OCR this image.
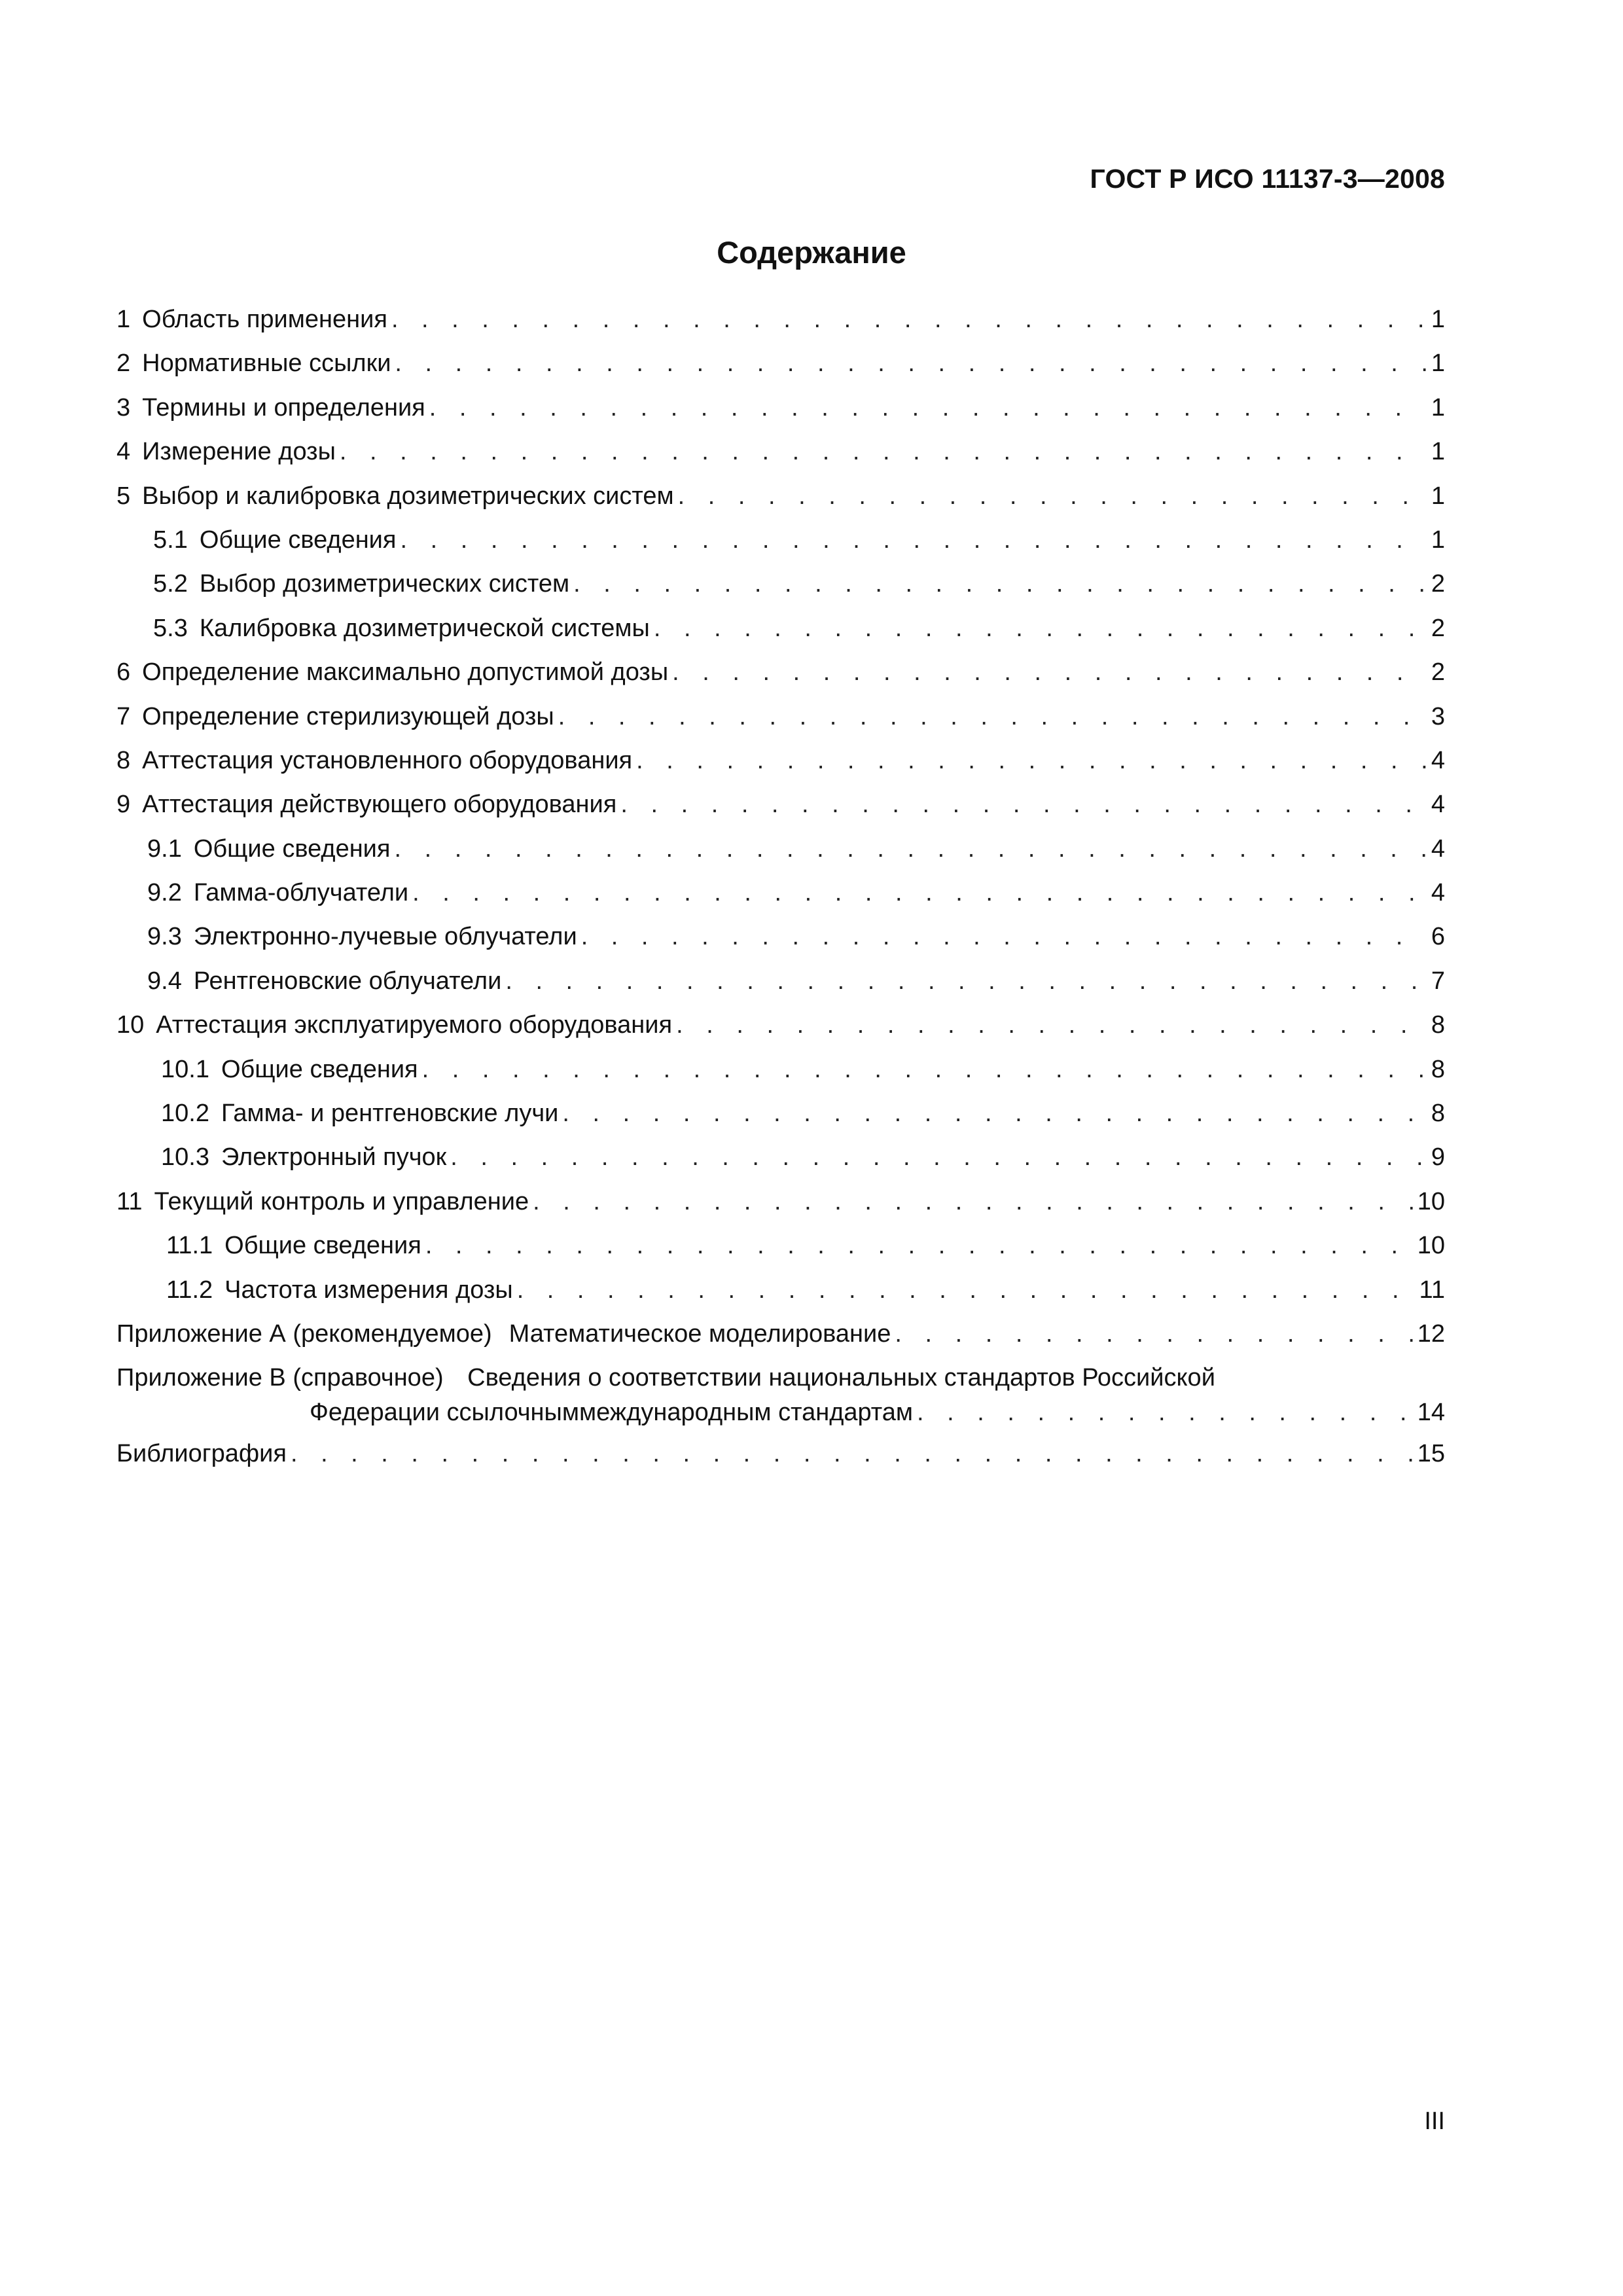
ГОСТ Р ИСО 11137-3—2008
Содержание
1 Область применения . . .	1
2 Нормативные ссылки . . .	1
3 Термины и определения . . .	1
4 Измерение дозы . . .	1
5 Выбор и калибровка дозиметрических систем . . .	1
5.1 Общие сведения . . .	1
5.2 Выбор дозиметрических систем . . .	2
5.3 Калибровка дозиметрической системы . . .	2
6 Определение максимально допустимой дозы . . .	2
7 Определение стерилизующей дозы . . .	3
8 Аттестация установленного оборудования . . .	4
9 Аттестация действующего оборудования . . .	4
9.1 Общие сведения . . .	4
9.2 Гамма-облучатели . . .	4
9.3 Электронно-лучевые облучатели . . .	6
9.4 Рентгеновские облучатели . . .	7
10 Аттестация эксплуатируемого оборудования . . .	8
10.1 Общие сведения . . .	8
10.2 Гамма- и рентгеновские лучи . . .	8
10.3 Электронный пучок . . .	9
11 Текущий контроль и управление . . .	10
11.1 Общие сведения . . .	10
11.2 Частота измерения дозы . . .	11
Приложение А (рекомендуемое) Математическое моделирование . . .	12
Приложение В (справочное) Сведения о соответствии национальных стандартов Российской
Федерации ссылочныммеждународным стандартам . . .	14
Библиография . . .	15
III
